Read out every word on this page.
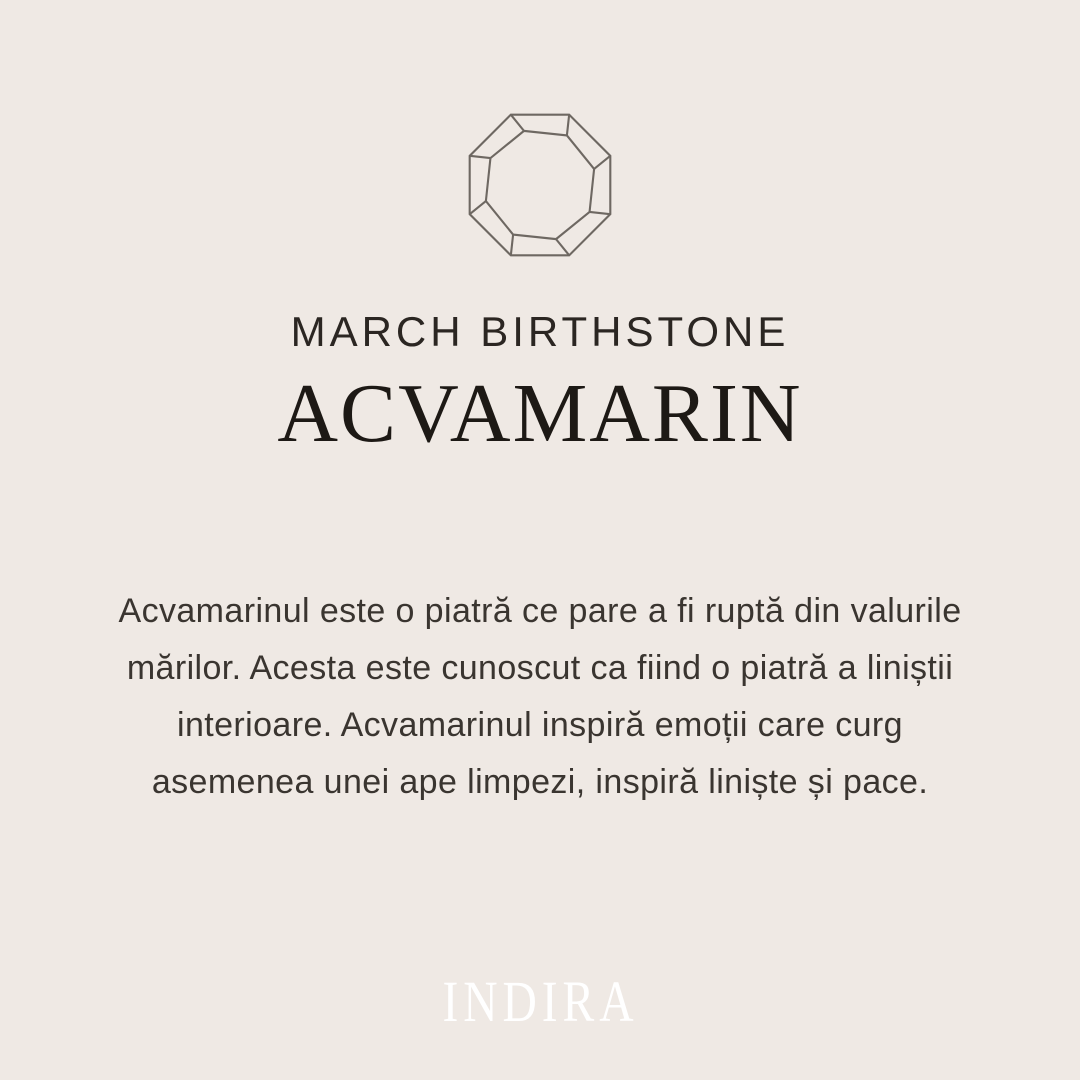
MARCH BIRTHSTONE
ACVAMARIN

Acvamarinul este o piatră ce pare a fi ruptă din valurile

mărilor. Acesta este cunoscut ca fiind o piatră a liniștii

interioare. Acvamarinul inspiră emoții care curg

asemenea unei ape limpezi, inspiră liniște și pace.

INDIRA
